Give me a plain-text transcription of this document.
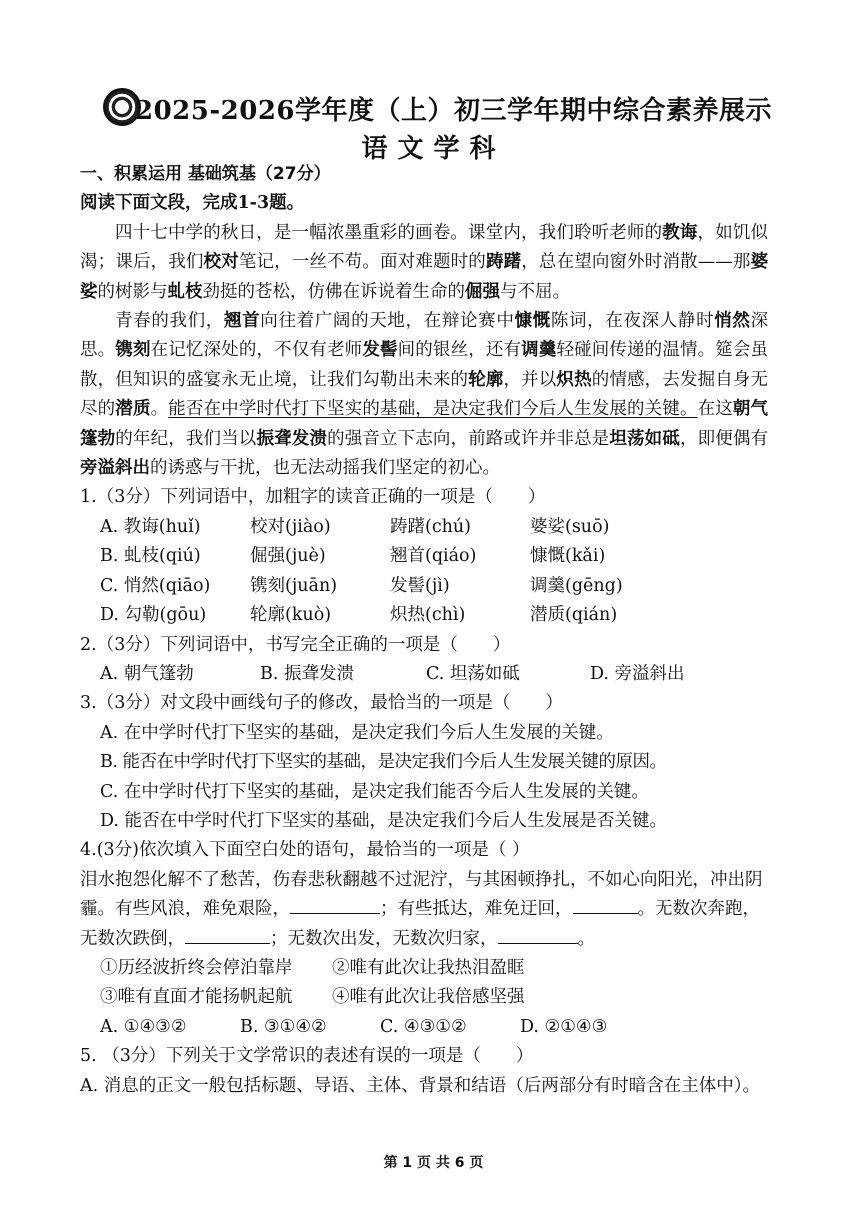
2025-2026学年度（上）初三学年期中综合素养展示
语文学科

一、积累运用 基础筑基（27分）

阅读下面文段，完成1-3题。

四十七中学的秋日，是一幅浓墨重彩的画卷。课堂内，我们聆听老师的教诲，如饥似渴；课后，我们校对笔记，一丝不苟。面对难题时的踌躇，总在望向窗外时消散——那婆娑的树影与虬枝劲挺的苍松，仿佛在诉说着生命的倔强与不屈。

青春的我们，翘首向往着广阔的天地，在辩论赛中慷慨陈词，在夜深人静时悄然深思。镌刻在记忆深处的，不仅有老师发髻间的银丝，还有调羹轻碰间传递的温情。筵会虽散，但知识的盛宴永无止境，让我们勾勒出未来的轮廓，并以炽热的情感，去发掘自身无尽的潜质。能否在中学时代打下坚实的基础，是决定我们今后人生发展的关键。在这朝气篷勃的年纪，我们当以振聋发溃的强音立下志向，前路或许并非总是坦荡如砥，即便偶有旁溢斜出的诱惑与干扰，也无法动摇我们坚定的初心。

1.（3分）下列词语中，加粗字的读音正确的一项是（　　）

A. 教诲(huǐ)	校对(jiào)	踌躇(chú)	婆娑(suō)
B. 虬枝(qiú)	倔强(juè)	翘首(qiáo)	慷慨(kǎi)
C. 悄然(qiāo)	镌刻(juān)	发髻(jì)	调羹(gēng)
D. 勾勒(gōu)	轮廓(kuò)	炽热(chì)	潜质(qián)

2.（3分）下列词语中，书写完全正确的一项是（　　）

A. 朝气篷勃	B. 振聋发溃	C. 坦荡如砥	D. 旁溢斜出

3.（3分）对文段中画线句子的修改，最恰当的一项是（　　）

A. 在中学时代打下坚实的基础，是决定我们今后人生发展的关键。

B. 能否在中学时代打下坚实的基础，是决定我们今后人生发展关键的原因。

C. 在中学时代打下坚实的基础，是决定我们能否今后人生发展的关键。

D. 能否在中学时代打下坚实的基础，是决定我们今后人生发展是否关键。

4.(3分)依次填入下面空白处的语句，最恰当的一项是（ ）

泪水抱怨化解不了愁苦，伤春悲秋翻越不过泥泞，与其困顿挣扎，不如心向阳光，冲出阴霾。有些风浪，难免艰险，	；有些抵达，难免迂回，	。无数次奔跑，无数次跌倒，	；无数次出发，无数次归家，	。

①历经波折终会停泊靠岸	②唯有此次让我热泪盈眶
③唯有直面才能扬帆起航	④唯有此次让我倍感坚强
A. ①④③②	B. ③①④②	C. ④③①②	D. ②①④③

5. （3分）下列关于文学常识的表述有误的一项是（　　）

A. 消息的正文一般包括标题、导语、主体、背景和结语（后两部分有时暗含在主体中）。

第 1 页 共 6 页
